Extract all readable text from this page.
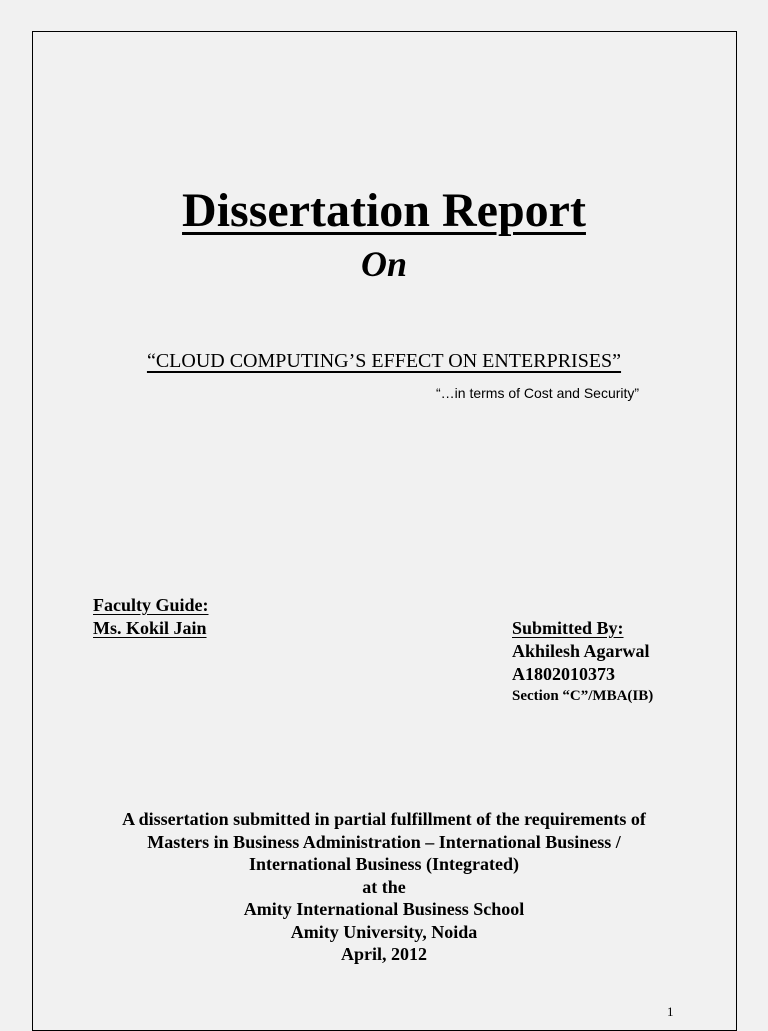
Dissertation Report
On
“CLOUD COMPUTING’S EFFECT ON ENTERPRISES”
“…in terms of Cost and Security”
Faculty Guide:
Ms. Kokil Jain	Submitted By:
Akhilesh Agarwal
A1802010373
Section “C”/MBA(IB)
A dissertation submitted in partial fulfillment of the requirements of
Masters in Business Administration – International Business /
International Business (Integrated)
at the
Amity International Business School
Amity University, Noida
April, 2012
1
